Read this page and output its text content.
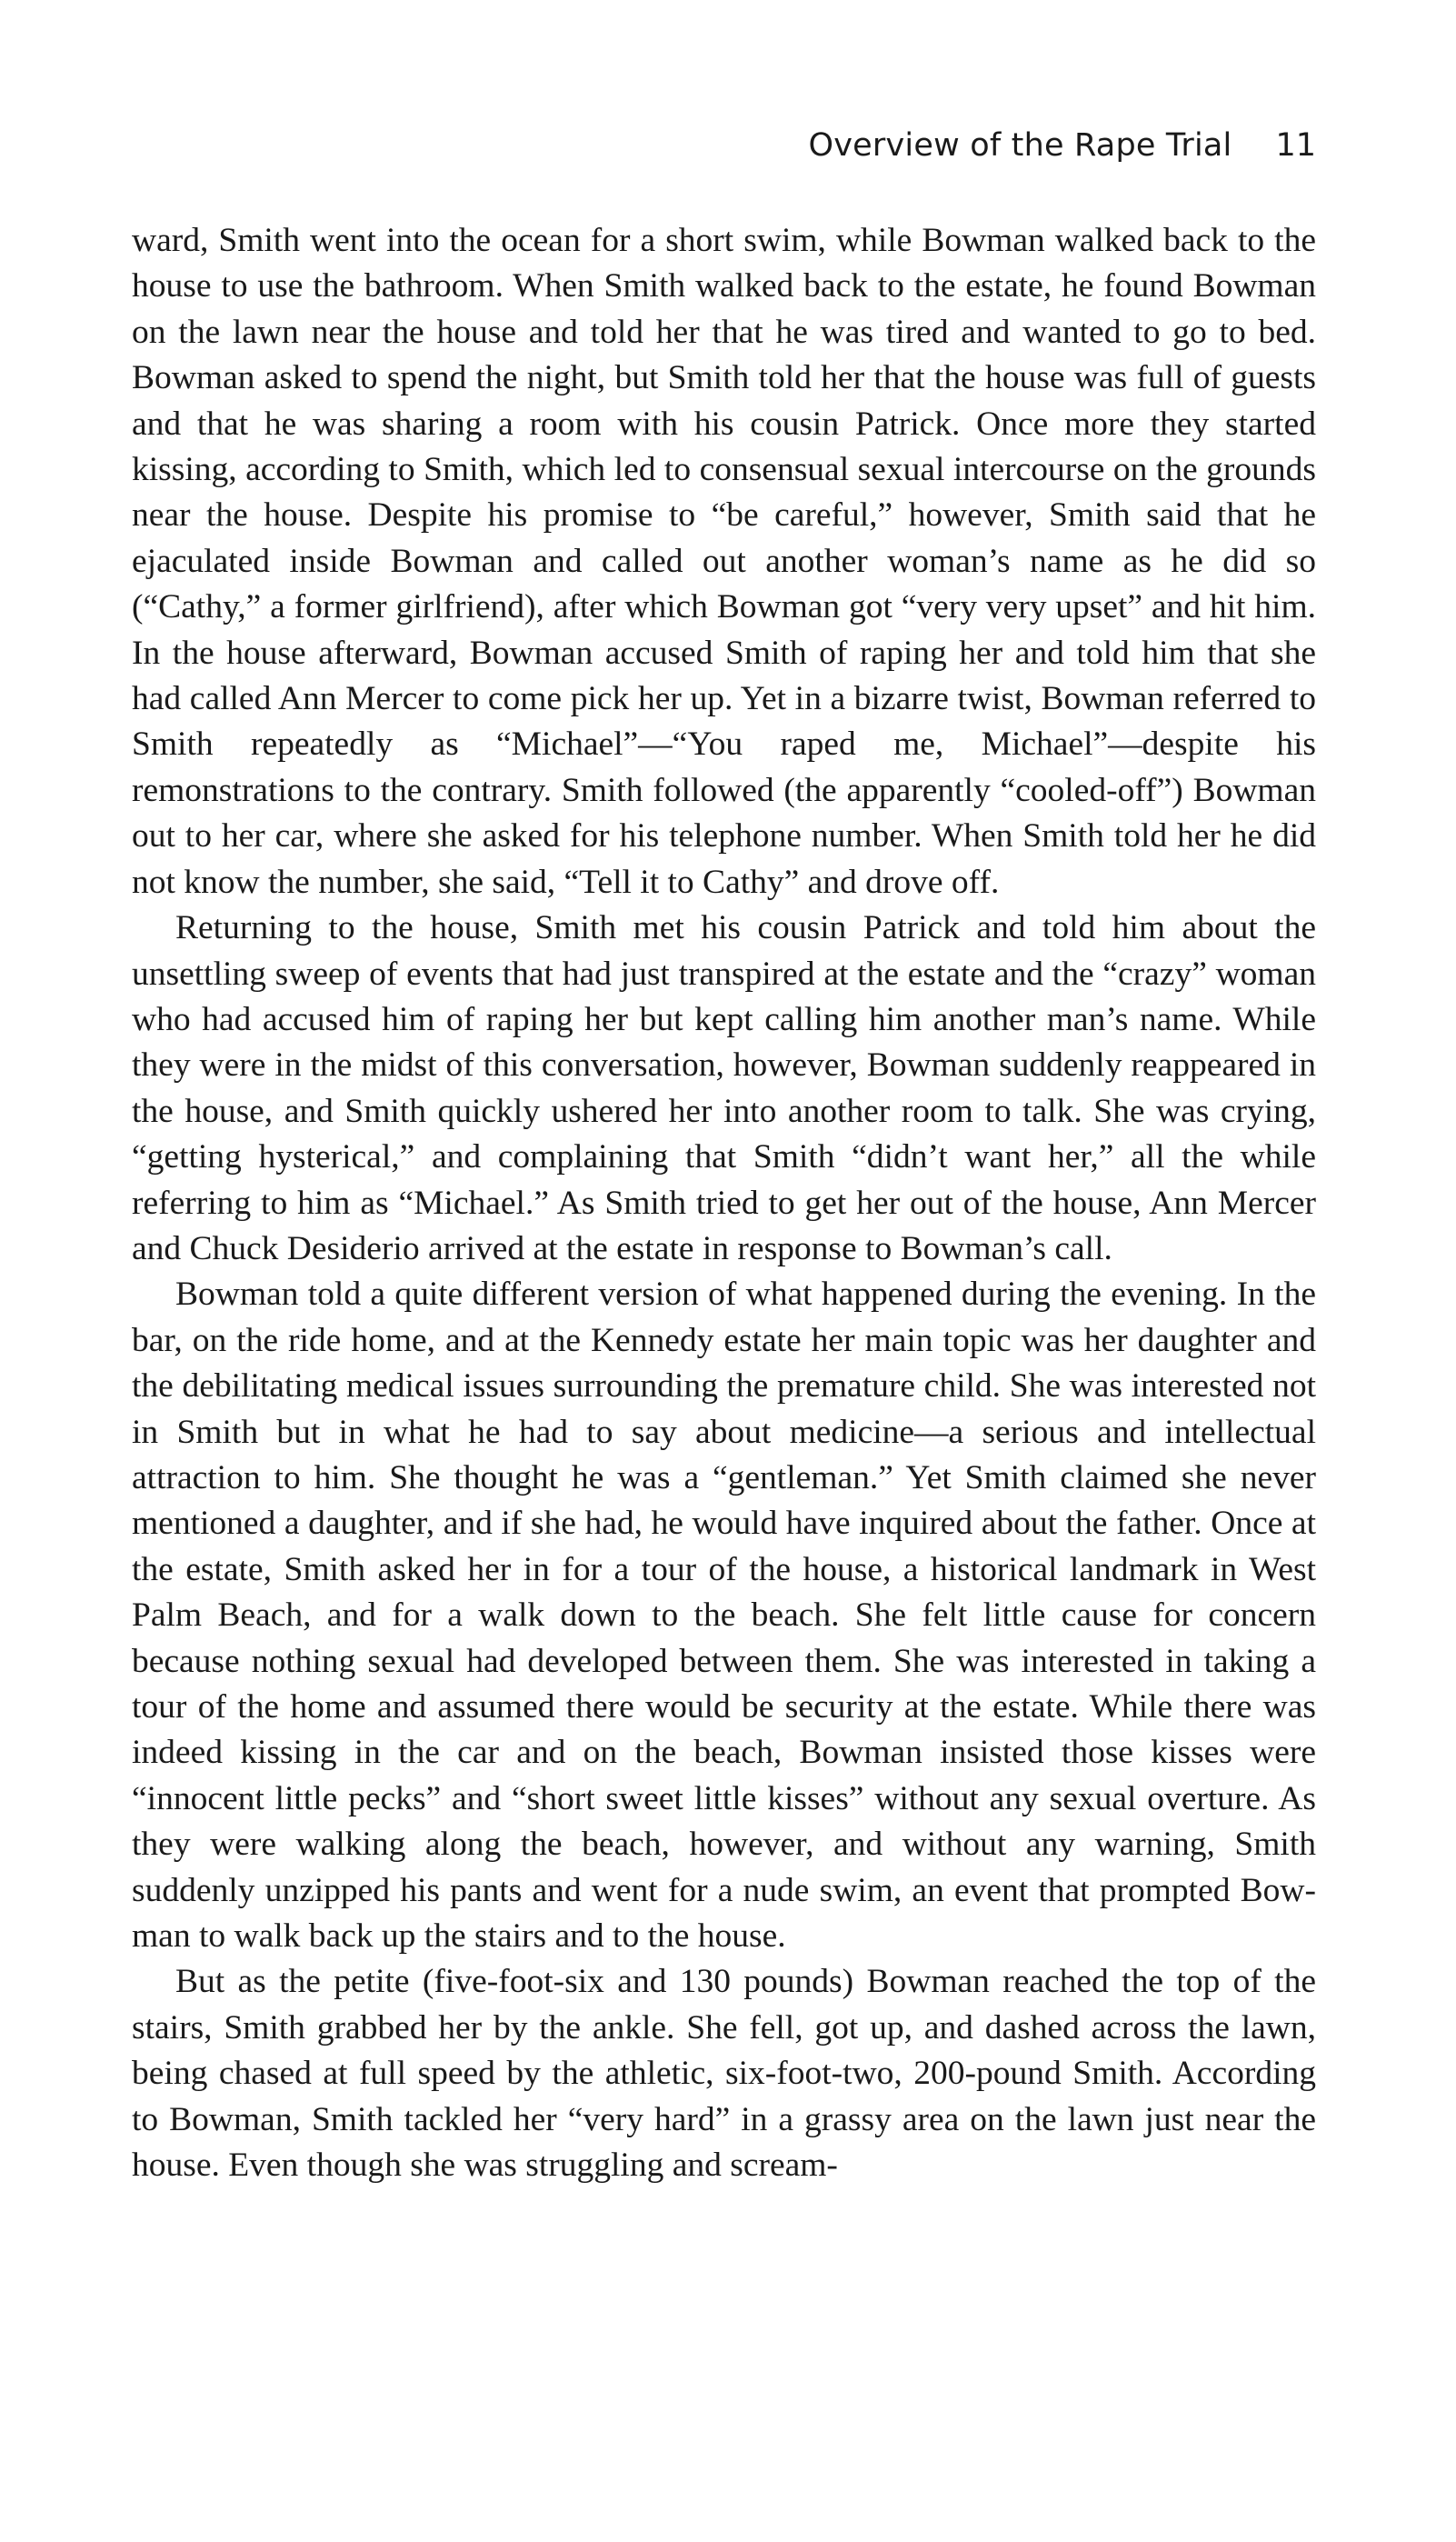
Overview of the Rape Trial 11

ward, Smith went into the ocean for a short swim, while Bowman walked back to the house to use the bathroom. When Smith walked back to the estate, he found Bowman on the lawn near the house and told her that he was tired and wanted to go to bed. Bowman asked to spend the night, but Smith told her that the house was full of guests and that he was sharing a room with his cousin Patrick. Once more they started kissing, according to Smith, which led to consensual sexual intercourse on the grounds near the house. Despite his promise to “be careful,” however, Smith said that he ejaculated inside Bowman and called out another woman’s name as he did so (“Cathy,” a former girlfriend), after which Bowman got “very very upset” and hit him. In the house afterward, Bowman accused Smith of raping her and told him that she had called Ann Mercer to come pick her up. Yet in a bizarre twist, Bowman referred to Smith repeatedly as “Michael”—“You raped me, Michael”—despite his remonstrations to the contrary. Smith followed (the apparently “cooled-off”) Bowman out to her car, where she asked for his telephone number. When Smith told her he did not know the number, she said, “Tell it to Cathy” and drove off.

Returning to the house, Smith met his cousin Patrick and told him about the unsettling sweep of events that had just transpired at the estate and the “crazy” woman who had accused him of raping her but kept calling him another man’s name. While they were in the midst of this conversation, however, Bowman suddenly reappeared in the house, and Smith quickly ushered her into another room to talk. She was crying, “getting hysterical,” and complaining that Smith “didn’t want her,” all the while referring to him as “Michael.” As Smith tried to get her out of the house, Ann Mercer and Chuck Desiderio arrived at the estate in response to Bowman’s call.

Bowman told a quite different version of what happened during the evening. In the bar, on the ride home, and at the Kennedy estate her main topic was her daughter and the debilitating medical issues surrounding the premature child. She was interested not in Smith but in what he had to say about medicine—a serious and intellectual attraction to him. She thought he was a “gentleman.” Yet Smith claimed she never mentioned a daughter, and if she had, he would have inquired about the father. Once at the estate, Smith asked her in for a tour of the house, a historical landmark in West Palm Beach, and for a walk down to the beach. She felt little cause for concern because nothing sexual had developed between them. She was interested in taking a tour of the home and assumed there would be security at the estate. While there was indeed kissing in the car and on the beach, Bowman insisted those kisses were “innocent little pecks” and “short sweet little kisses” without any sexual overture. As they were walking along the beach, however, and without any warning, Smith suddenly unzipped his pants and went for a nude swim, an event that prompted Bowman to walk back up the stairs and to the house.

But as the petite (five-foot-six and 130 pounds) Bowman reached the top of the stairs, Smith grabbed her by the ankle. She fell, got up, and dashed across the lawn, being chased at full speed by the athletic, six-foot-two, 200-pound Smith. According to Bowman, Smith tackled her “very hard” in a grassy area on the lawn just near the house. Even though she was struggling and scream-
